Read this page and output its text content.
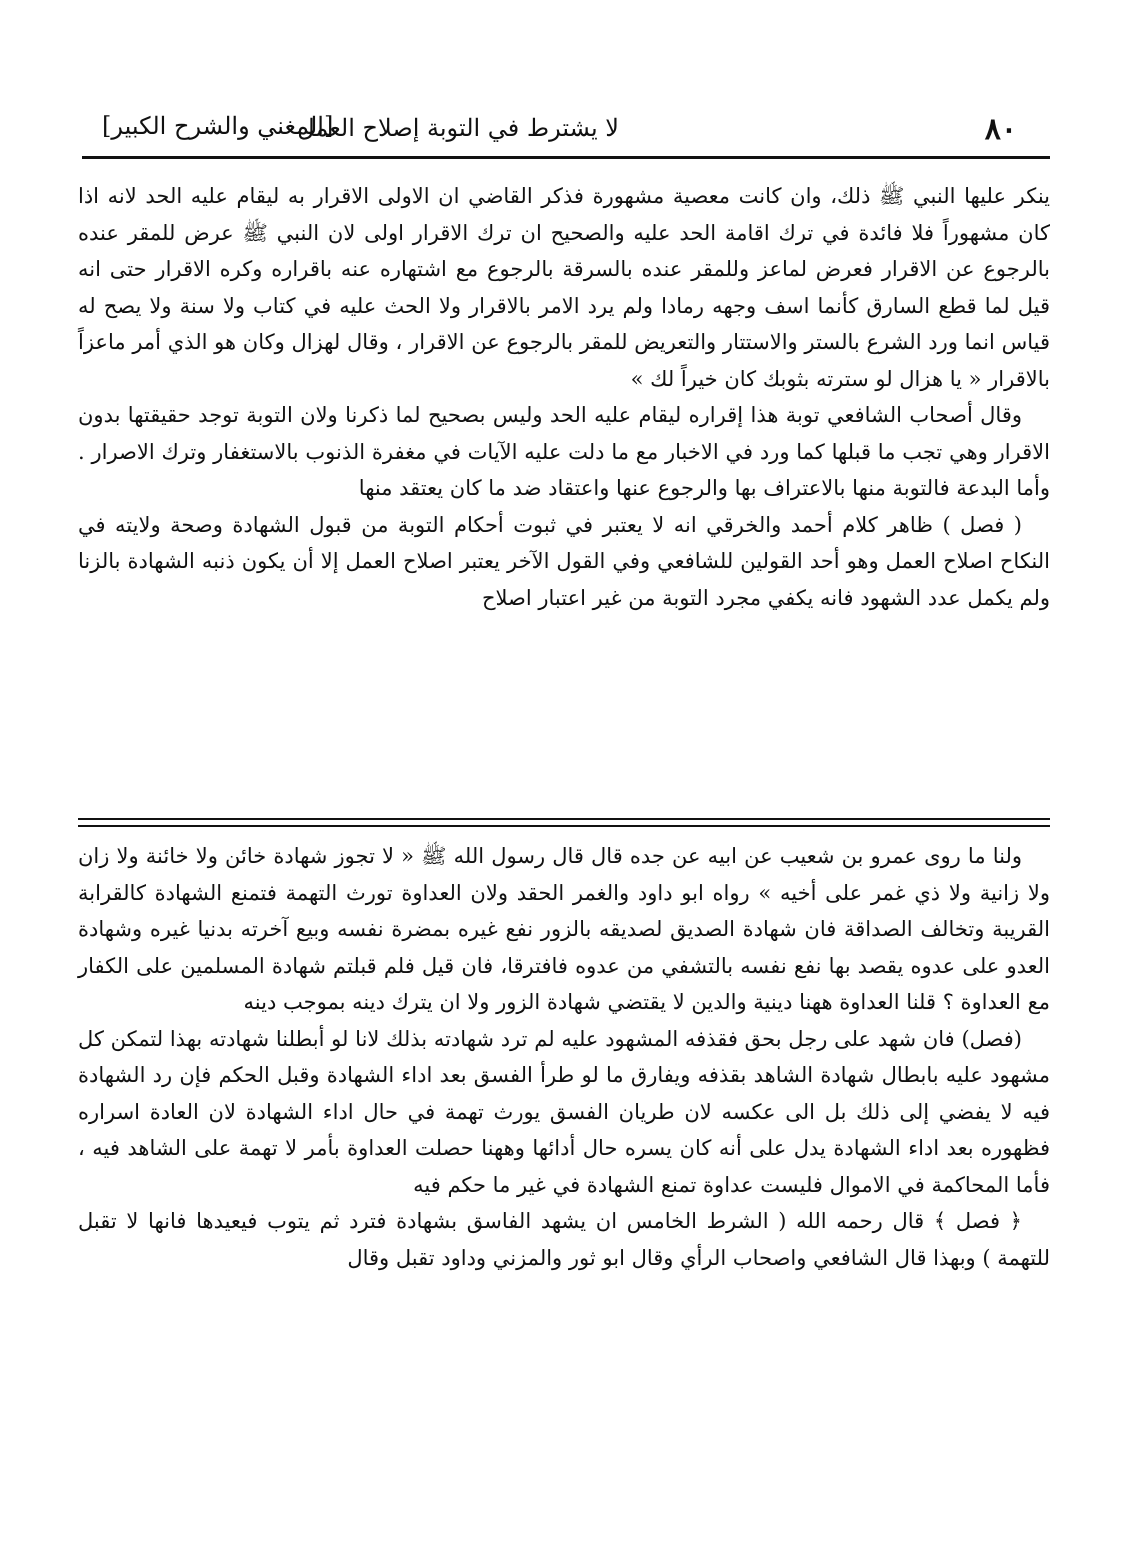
٨٠
لا يشترط في التوبة إصلاح العمل
[المغني والشرح الكبير]

ينكر عليها النبي ﷺ ذلك، وان كانت معصية مشهورة فذكر القاضي ان الاولى الاقرار به ليقام عليه الحد لانه اذا كان مشهوراً فلا فائدة في ترك اقامة الحد عليه والصحيح ان ترك الاقرار اولى لان النبي ﷺ عرض للمقر عنده بالرجوع عن الاقرار فعرض لماعز وللمقر عنده بالسرقة بالرجوع مع اشتهاره عنه باقراره وكره الاقرار حتى انه قيل لما قطع السارق كأنما اسف وجهه رمادا ولم يرد الامر بالاقرار ولا الحث عليه في كتاب ولا سنة ولا يصح له قياس انما ورد الشرع بالستر والاستتار والتعريض للمقر بالرجوع عن الاقرار ، وقال لهزال وكان هو الذي أمر ماعزاً بالاقرار « يا هزال لو سترته بثوبك كان خيراً لك »

وقال أصحاب الشافعي توبة هذا إقراره ليقام عليه الحد وليس بصحيح لما ذكرنا ولان التوبة توجد حقيقتها بدون الاقرار وهي تجب ما قبلها كما ورد في الاخبار مع ما دلت عليه الآيات في مغفرة الذنوب بالاستغفار وترك الاصرار . وأما البدعة فالتوبة منها بالاعتراف بها والرجوع عنها واعتقاد ضد ما كان يعتقد منها

( فصل ) ظاهر كلام أحمد والخرقي انه لا يعتبر في ثبوت أحكام التوبة من قبول الشهادة وصحة ولايته في النكاح اصلاح العمل وهو أحد القولين للشافعي وفي القول الآخر يعتبر اصلاح العمل إلا أن يكون ذنبه الشهادة بالزنا ولم يكمل عدد الشهود فانه يكفي مجرد التوبة من غير اعتبار اصلاح

ولنا ما روى عمرو بن شعيب عن ابيه عن جده قال قال رسول الله ﷺ « لا تجوز شهادة خائن ولا خائنة ولا زان ولا زانية ولا ذي غمر على أخيه » رواه ابو داود والغمر الحقد ولان العداوة تورث التهمة فتمنع الشهادة كالقرابة القريبة وتخالف الصداقة فان شهادة الصديق لصديقه بالزور نفع غيره بمضرة نفسه وبيع آخرته بدنيا غيره وشهادة العدو على عدوه يقصد بها نفع نفسه بالتشفي من عدوه فافترقا، فان قيل فلم قبلتم شهادة المسلمين على الكفار مع العداوة ؟ قلنا العداوة ههنا دينية والدين لا يقتضي شهادة الزور ولا ان يترك دينه بموجب دينه

(فصل) فان شهد على رجل بحق فقذفه المشهود عليه لم ترد شهادته بذلك لانا لو أبطلنا شهادته بهذا لتمكن كل مشهود عليه بابطال شهادة الشاهد بقذفه ويفارق ما لو طرأ الفسق بعد اداء الشهادة وقبل الحكم فإن رد الشهادة فيه لا يفضي إلى ذلك بل الى عكسه لان طريان الفسق يورث تهمة في حال اداء الشهادة لان العادة اسراره فظهوره بعد اداء الشهادة يدل على أنه كان يسره حال أدائها وههنا حصلت العداوة بأمر لا تهمة على الشاهد فيه ، فأما المحاكمة في الاموال فليست عداوة تمنع الشهادة في غير ما حكم فيه

﴿ فصل ﴾ قال رحمه الله ( الشرط الخامس ان يشهد الفاسق بشهادة فترد ثم يتوب فيعيدها فانها لا تقبل للتهمة ) وبهذا قال الشافعي واصحاب الرأي وقال ابو ثور والمزني وداود تقبل وقال
